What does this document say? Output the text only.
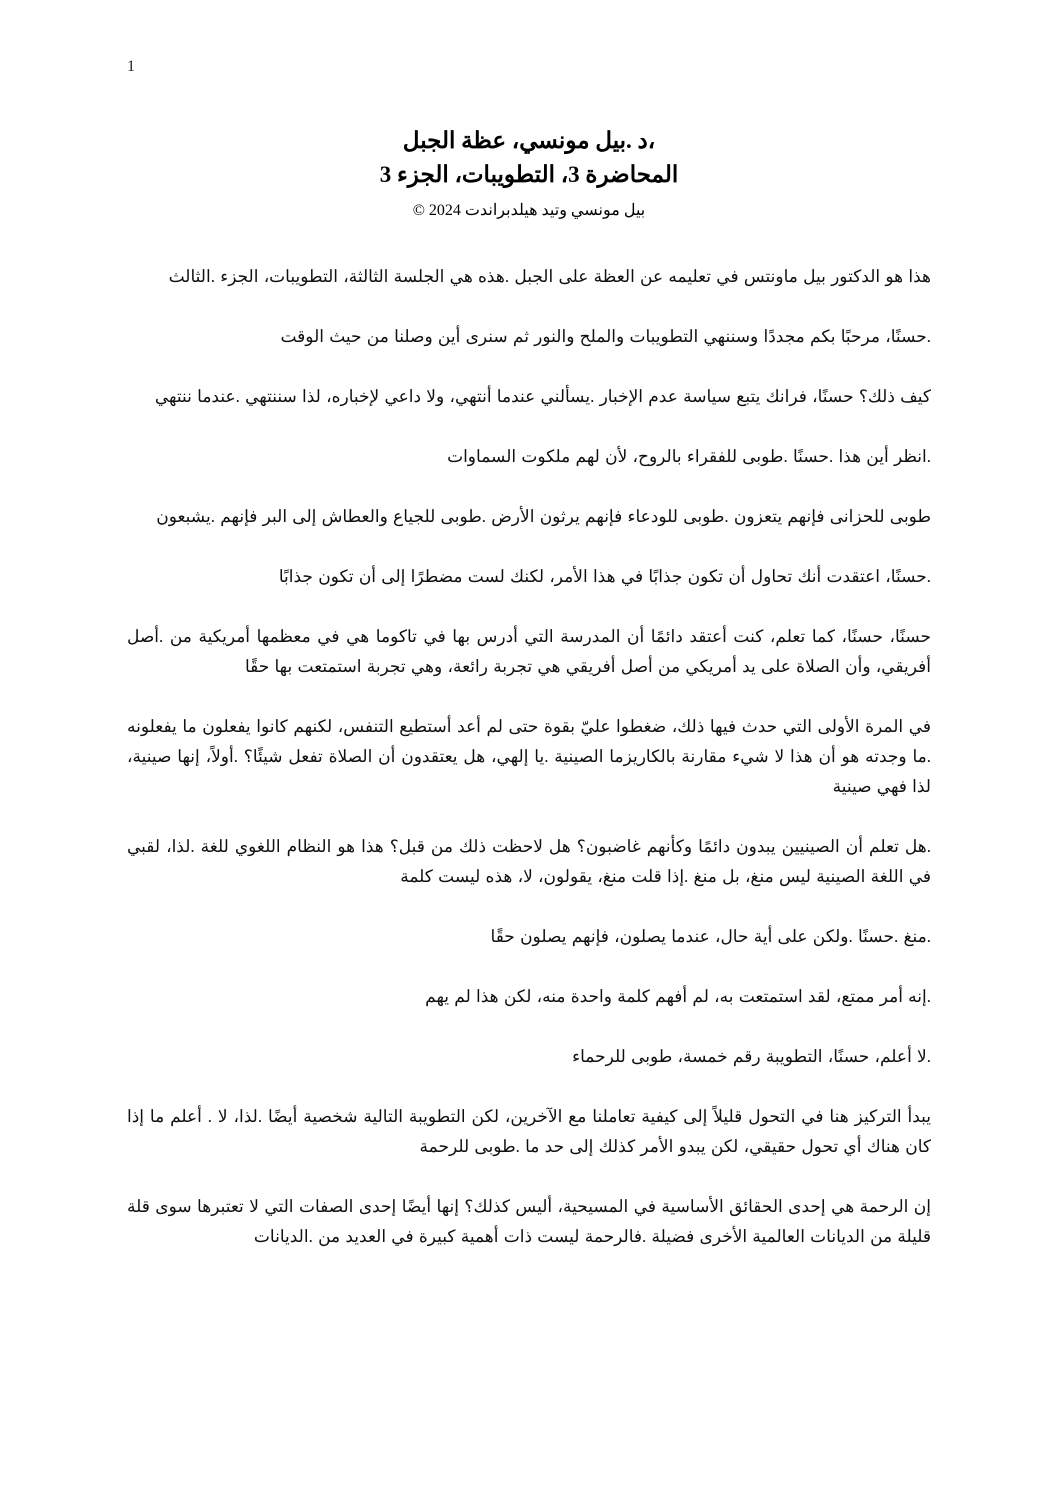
1
،د .بيل مونسي، عظة الجبل
المحاضرة 3، التطويبات، الجزء 3
بيل مونسي وتيد هيلدبراندت 2024 ©

هذا هو الدكتور بيل ماونتس في تعليمه عن العظة على الجبل .هذه هي الجلسة الثالثة، التطويبات، الجزء .الثالث

.حسنًا، مرحبًا بكم مجددًا وسننهي التطويبات والملح والنور ثم سنرى أين وصلنا من حيث الوقت

كيف ذلك؟ حسنًا، فرانك يتبع سياسة عدم الإخبار .يسألني عندما أنتهي، ولا داعي لإخباره، لذا سننتهي .عندما ننتهي

.انظر أين هذا .حسنًا .طوبى للفقراء بالروح، لأن لهم ملكوت السماوات

طوبى للحزانى فإنهم يتعزون .طوبى للودعاء فإنهم يرثون الأرض .طوبى للجياع والعطاش إلى البر فإنهم .يشبعون

.حسنًا، اعتقدت أنك تحاول أن تكون جذابًا في هذا الأمر، لكنك لست مضطرًا إلى أن تكون جذابًا

حسنًا، حسنًا، كما تعلم، كنت أعتقد دائمًا أن المدرسة التي أدرس بها في تاكوما هي في معظمها أمريكية من .أصل أفريقي، وأن الصلاة على يد أمريكي من أصل أفريقي هي تجربة رائعة، وهي تجربة استمتعت بها حقًا

في المرة الأولى التي حدث فيها ذلك، ضغطوا عليّ بقوة حتى لم أعد أستطيع التنفس، لكنهم كانوا يفعلون ما يفعلونه .ما وجدته هو أن هذا لا شيء مقارنة بالكاريزما الصينية .يا إلهي، هل يعتقدون أن الصلاة تفعل شيئًا؟ .أولاً، إنها صينية، لذا فهي صينية

.هل تعلم أن الصينيين يبدون دائمًا وكأنهم غاضبون؟ هل لاحظت ذلك من قبل؟ هذا هو النظام اللغوي للغة .لذا، لقبي في اللغة الصينية ليس منغ، بل منغ .إذا قلت منغ، يقولون، لا، هذه ليست كلمة

.منغ .حسنًا .ولكن على أية حال، عندما يصلون، فإنهم يصلون حقًا

.إنه أمر ممتع، لقد استمتعت به، لم أفهم كلمة واحدة منه، لكن هذا لم يهم

.لا أعلم، حسنًا، التطويبة رقم خمسة، طوبى للرحماء

يبدأ التركيز هنا في التحول قليلاً إلى كيفية تعاملنا مع الآخرين، لكن التطويبة التالية شخصية أيضًا .لذا، لا . أعلم ما إذا كان هناك أي تحول حقيقي، لكن يبدو الأمر كذلك إلى حد ما .طوبى للرحمة

إن الرحمة هي إحدى الحقائق الأساسية في المسيحية، أليس كذلك؟ إنها أيضًا إحدى الصفات التي لا تعتبرها سوى قلة قليلة من الديانات العالمية الأخرى فضيلة .فالرحمة ليست ذات أهمية كبيرة في العديد من .الديانات
